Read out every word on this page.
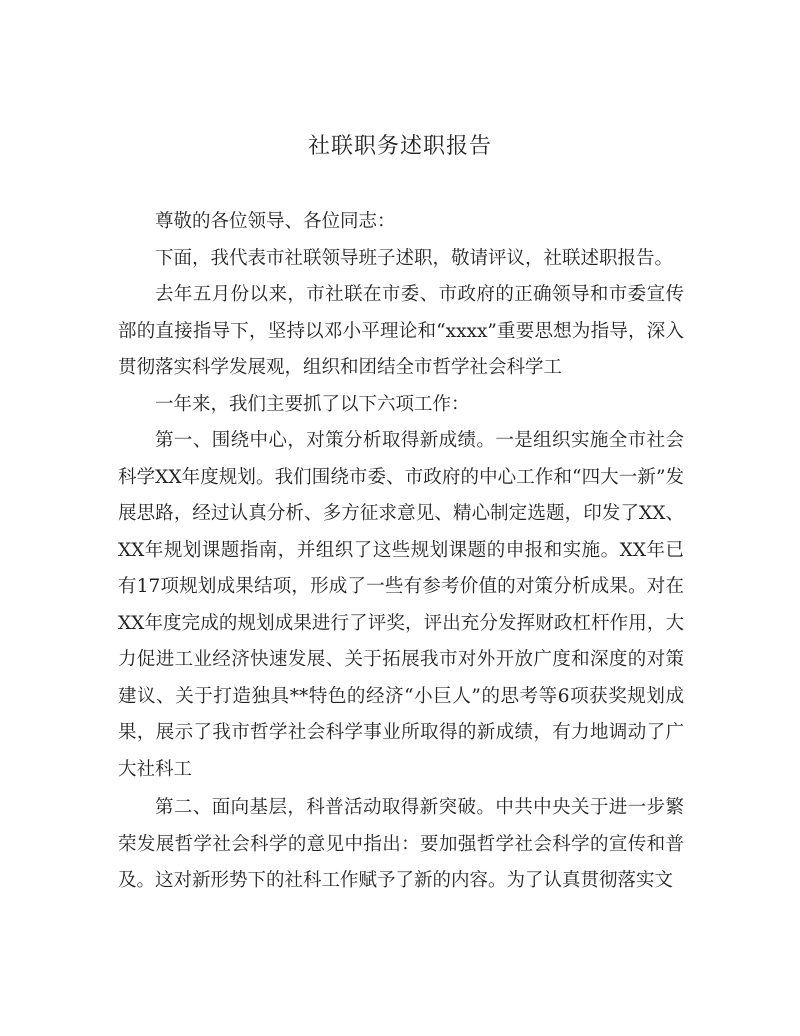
社联职务述职报告

尊敬的各位领导、各位同志：

下面，我代表市社联领导班子述职，敬请评议，社联述职报告。

去年五月份以来，市社联在市委、市政府的正确领导和市委宣传部的直接指导下，坚持以邓小平理论和“xxxx”重要思想为指导，深入贯彻落实科学发展观，组织和团结全市哲学社会科学工

一年来，我们主要抓了以下六项工作：

第一、围绕中心，对策分析取得新成绩。一是组织实施全市社会科学XX年度规划。我们围绕市委、市政府的中心工作和“四大一新”发展思路，经过认真分析、多方征求意见、精心制定选题，印发了XX、XX年规划课题指南，并组织了这些规划课题的申报和实施。XX年已有17项规划成果结项，形成了一些有参考价值的对策分析成果。对在XX年度完成的规划成果进行了评奖，评出充分发挥财政杠杆作用，大力促进工业经济快速发展、关于拓展我市对外开放广度和深度的对策建议、关于打造独具**特色的经济“小巨人”的思考等6项获奖规划成果，展示了我市哲学社会科学事业所取得的新成绩，有力地调动了广大社科工

第二、面向基层，科普活动取得新突破。中共中央关于进一步繁荣发展哲学社会科学的意见中指出：要加强哲学社会科学的宣传和普及。这对新形势下的社科工作赋予了新的内容。为了认真贯彻落实文
